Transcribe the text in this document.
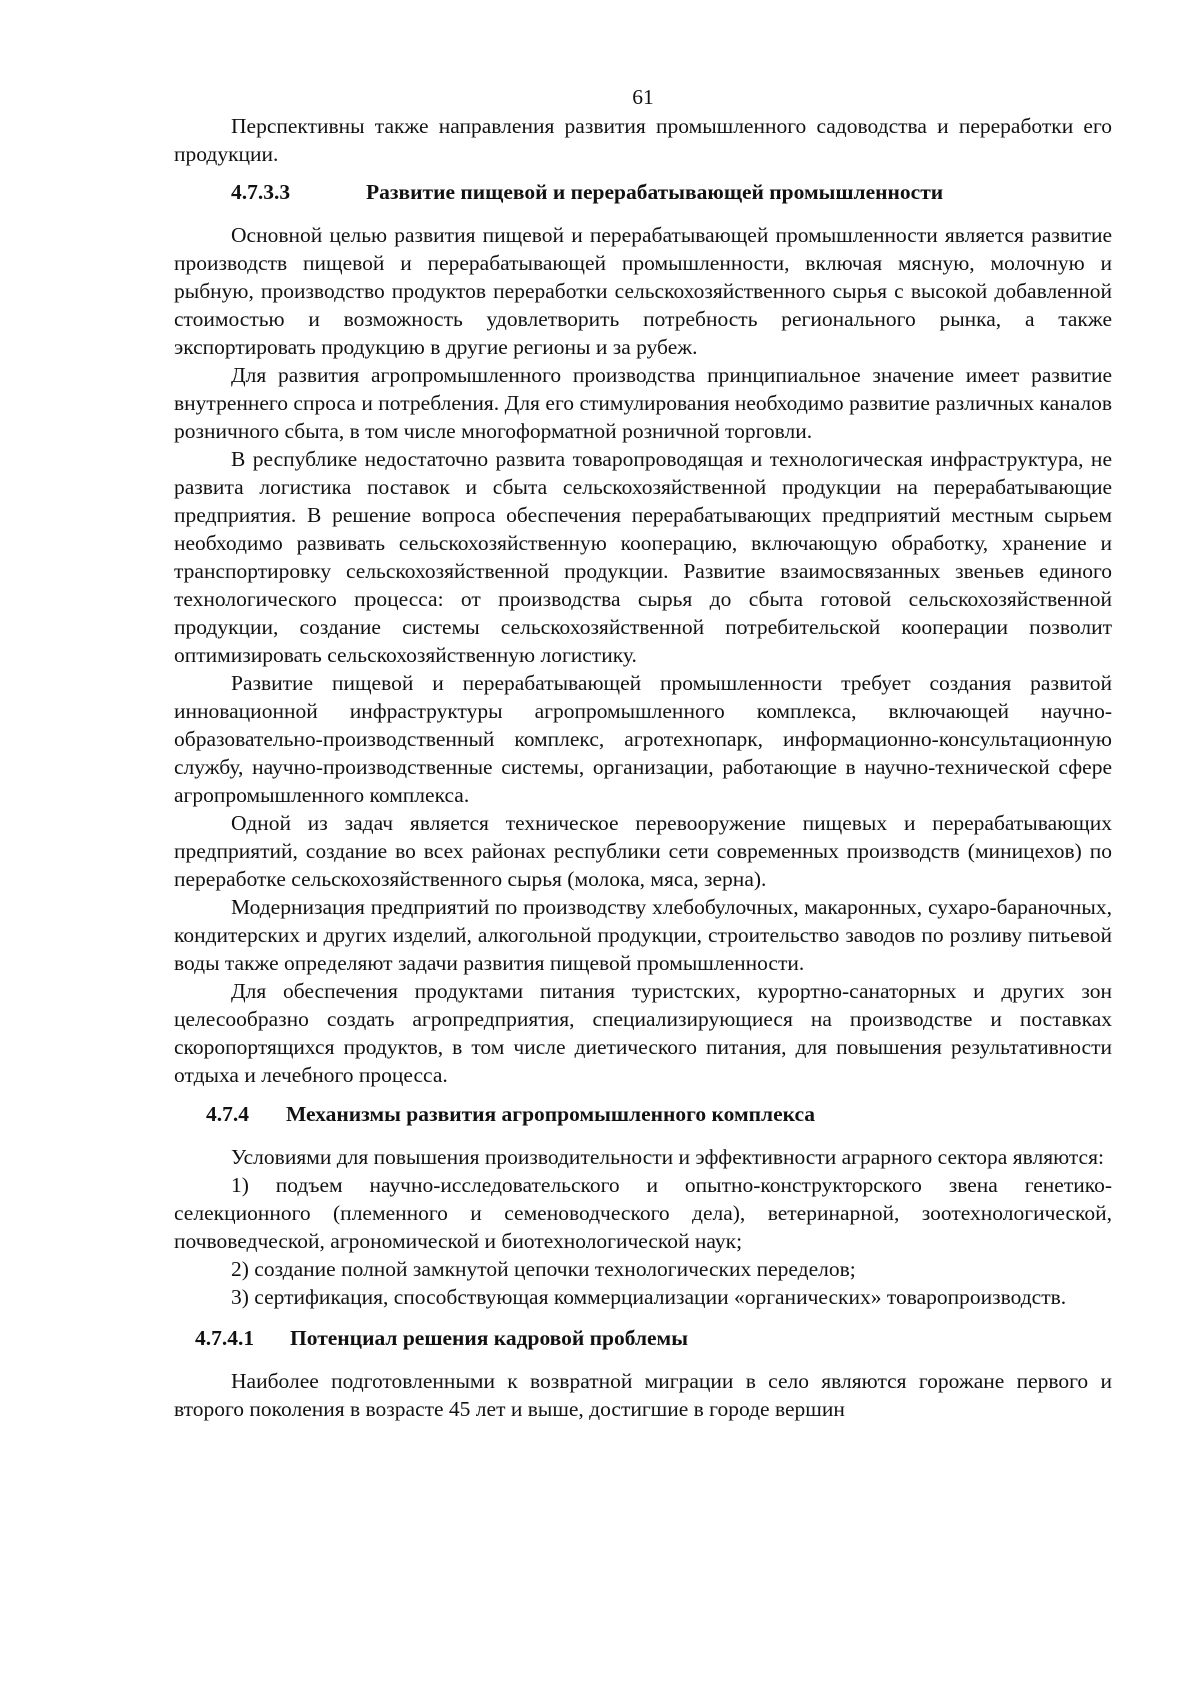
61

Перспективны также направления развития промышленного садоводства и переработки его продукции.

4.7.3.3	Развитие пищевой и перерабатывающей промышленности

Основной целью развития пищевой и перерабатывающей промышленности является развитие производств пищевой и перерабатывающей промышленности, включая мясную, молочную и рыбную, производство продуктов переработки сельскохозяйственного сырья с высокой добавленной стоимостью и возможность удовлетворить потребность регионального рынка, а также экспортировать продукцию в другие регионы и за рубеж.

Для развития агропромышленного производства принципиальное значение имеет развитие внутреннего спроса и потребления. Для его стимулирования необходимо развитие различных каналов розничного сбыта, в том числе многоформатной розничной торговли.

В республике недостаточно развита товаропроводящая и технологическая инфраструктура, не развита логистика поставок и сбыта сельскохозяйственной продукции на перерабатывающие предприятия. В решение вопроса обеспечения перерабатывающих предприятий местным сырьем необходимо развивать сельскохозяйственную кооперацию, включающую обработку, хранение и транспортировку сельскохозяйственной продукции. Развитие взаимосвязанных звеньев единого технологического процесса: от производства сырья до сбыта готовой сельскохозяйственной продукции, создание системы сельскохозяйственной потребительской кооперации позволит оптимизировать сельскохозяйственную логистику.

Развитие пищевой и перерабатывающей промышленности требует создания развитой инновационной инфраструктуры агропромышленного комплекса, включающей научно-образовательно-производственный комплекс, агротехнопарк, информационно-консультационную службу, научно-производственные системы, организации, работающие в научно-технической сфере агропромышленного комплекса.

Одной из задач является техническое перевооружение пищевых и перерабатывающих предприятий, создание во всех районах республики сети современных производств (миницехов) по переработке сельскохозяйственного сырья (молока, мяса, зерна).

Модернизация предприятий по производству хлебобулочных, макаронных, сухаро-бараночных, кондитерских и других изделий, алкогольной продукции, строительство заводов по розливу питьевой воды также определяют задачи развития пищевой промышленности.

Для обеспечения продуктами питания туристских, курортно-санаторных и других зон целесообразно создать агропредприятия, специализирующиеся на производстве и поставках скоропортящихся продуктов, в том числе диетического питания, для повышения результативности отдыха и лечебного процесса.

4.7.4 Механизмы развития агропромышленного комплекса

Условиями для повышения производительности и эффективности аграрного сектора являются:

1) подъем научно-исследовательского и опытно-конструкторского звена генетико-селекционного (племенного и семеноводческого дела), ветеринарной, зоотехнологической, почвоведческой, агрономической и биотехнологической наук;

2) создание полной замкнутой цепочки технологических переделов;

3) сертификация, способствующая коммерциализации «органических» товаропроизводств.

4.7.4.1 Потенциал решения кадровой проблемы

Наиболее подготовленными к возвратной миграции в село являются горожане первого и второго поколения в возрасте 45 лет и выше, достигшие в городе вершин
